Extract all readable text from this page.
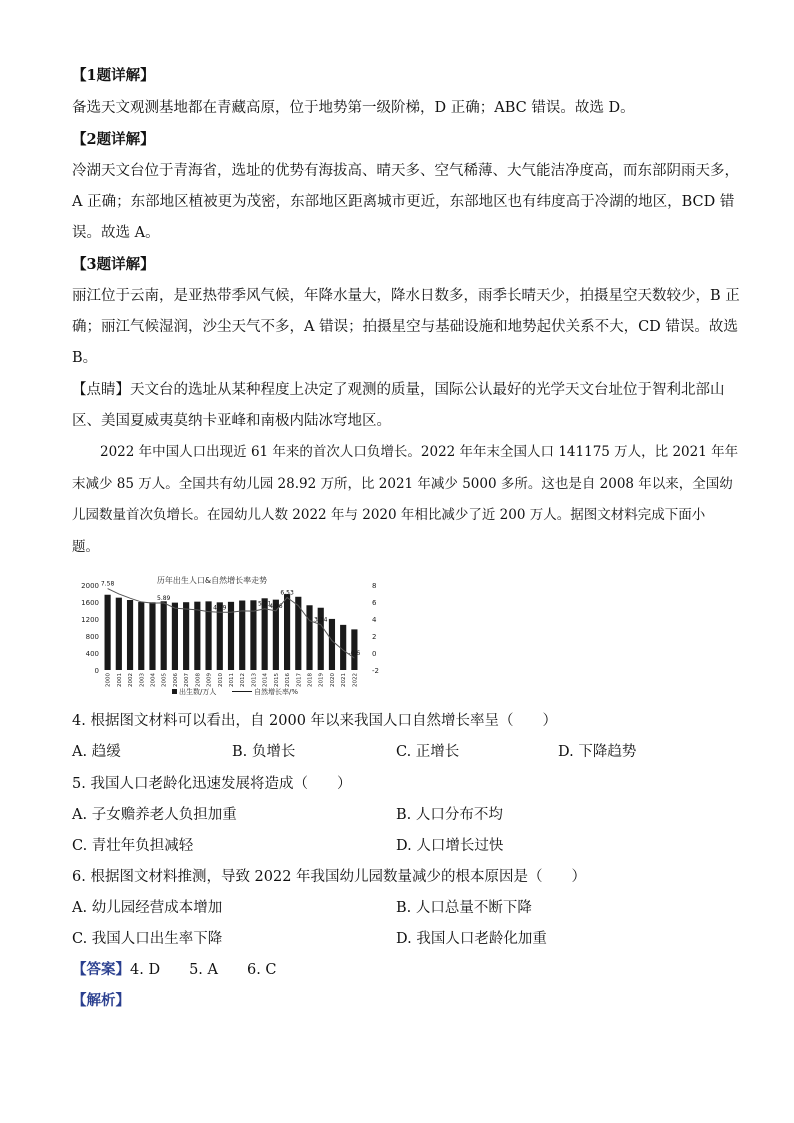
【1题详解】
备选天文观测基地都在青藏高原，位于地势第一级阶梯，D 正确；ABC 错误。故选 D。
【2题详解】
冷湖天文台位于青海省，选址的优势有海拔高、晴天多、空气稀薄、大气能洁净度高，而东部阴雨天多，
A 正确；东部地区植被更为茂密，东部地区距离城市更近，东部地区也有纬度高于冷湖的地区，BCD 错
误。故选 A。
【3题详解】
丽江位于云南，是亚热带季风气候，年降水量大，降水日数多，雨季长晴天少，拍摄星空天数较少，B 正
确；丽江气候湿润，沙尘天气不多，A 错误；拍摄星空与基础设施和地势起伏关系不大，CD 错误。故选
B。
【点睛】天文台的选址从某种程度上决定了观测的质量，国际公认最好的光学天文台址位于智利北部山
区、美国夏威夷莫纳卡亚峰和南极内陆冰穹地区。
2022 年中国人口出现近 61 年来的首次人口负增长。2022 年年末全国人口 141175 万人，比 2021 年年
末减少 85 万人。全国共有幼儿园 28.92 万所，比 2021 年减少 5000 多所。这也是自 2008 年以来，全国幼
儿园数量首次负增长。在园幼儿人数 2022 年与 2020 年相比减少了近 200 万人。据图文材料完成下面小
题。
历年出生人口&自然增长率走势
2000
1600
1200
800
400
0
8
6
4
2
0
-2
7.58
5.89
4.79
5.21
4.96
6.53
3.34
-0.6
2000 2001 2002 2003 2004 2005 2006 2007 2008 2009 2010 2011 2012 2013 2014 2015 2016 2017 2018 2019 2020 2021 2022
出生数/万人	自然增长率/%
4. 根据图文材料可以看出，自 2000 年以来我国人口自然增长率呈（　　）
A. 趋缓	B. 负增长	C. 正增长	D. 下降趋势
5. 我国人口老龄化迅速发展将造成（　　）
A. 子女赡养老人负担加重	B. 人口分布不均
C. 青壮年负担减轻	D. 人口增长过快
6. 根据图文材料推测，导致 2022 年我国幼儿园数量减少的根本原因是（　　）
A. 幼儿园经营成本增加	B. 人口总量不断下降
C. 我国人口出生率下降	D. 我国人口老龄化加重
【答案】4. D　　5. A　　6. C
【解析】
